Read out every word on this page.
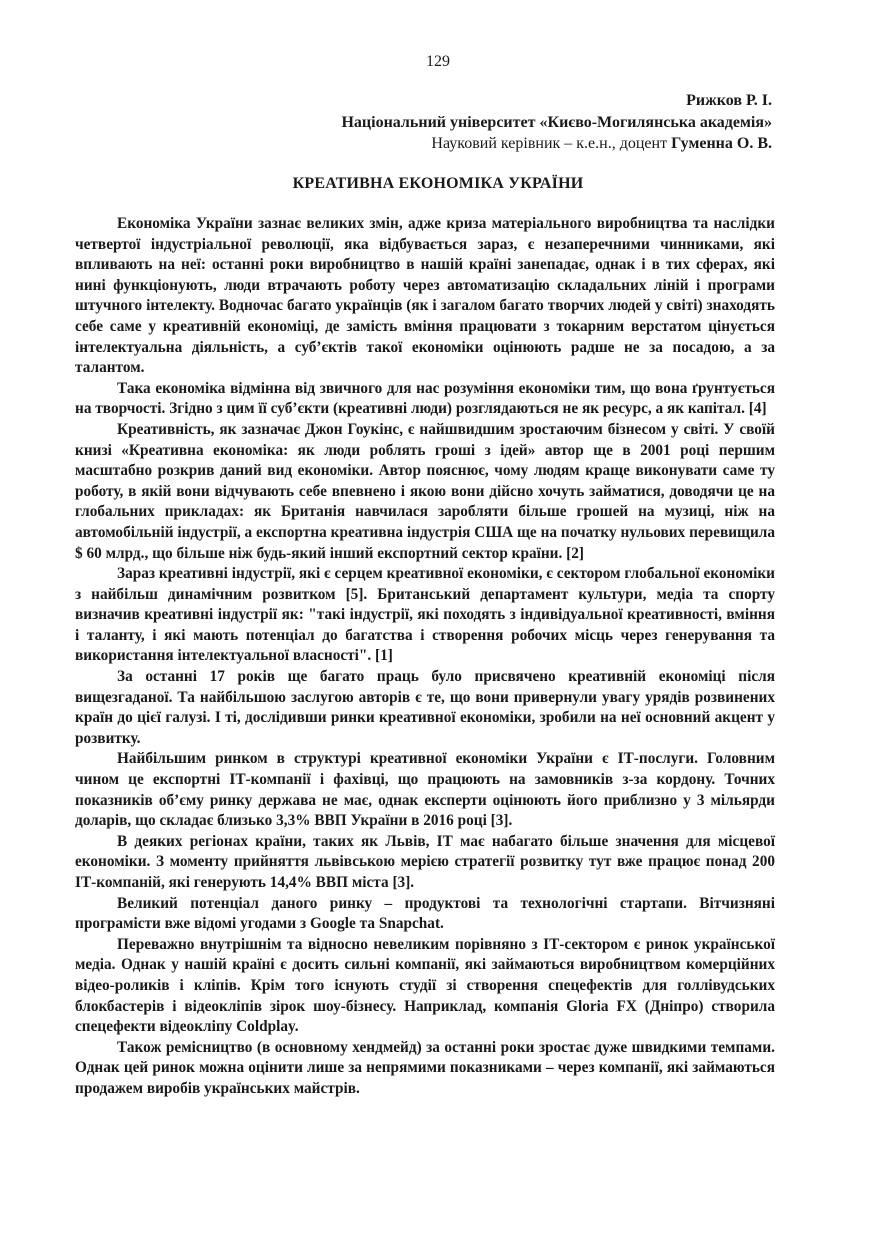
129
Рижков Р. І.
Національний університет «Києво-Могилянська академія»
Науковий керівник – к.е.н., доцент Гуменна О. В.
КРЕАТИВНА ЕКОНОМІКА УКРАЇНИ

Економіка України зазнає великих змін, адже криза матеріального виробництва та наслідки четвертої індустріальної революції, яка відбувається зараз, є незаперечними чинниками, які впливають на неї: останні роки виробництво в нашій країні занепадає, однак і в тих сферах, які нині функціонують, люди втрачають роботу через автоматизацію складальних ліній і програми штучного інтелекту. Водночас багато українців (як і загалом багато творчих людей у світі) знаходять себе саме у креативній економіці, де замість вміння працювати з токарним верстатом цінується інтелектуальна діяльність, а суб’єктів такої економіки оцінюють радше не за посадою, а за талантом.

Така економіка відмінна від звичного для нас розуміння економіки тим, що вона ґрунтується на творчості. Згідно з цим її суб’єкти (креативні люди) розглядаються не як ресурс, а як капітал. [4]

Креативність, як зазначає Джон Гоукінс, є найшвидшим зростаючим бізнесом у світі. У своїй книзі «Креативна економіка: як люди роблять гроші з ідей» автор ще в 2001 році першим масштабно розкрив даний вид економіки. Автор пояснює, чому людям краще виконувати саме ту роботу, в якій вони відчувають себе впевнено і якою вони дійсно хочуть займатися, доводячи це на глобальних прикладах: як Британія навчилася заробляти більше грошей на музиці, ніж на автомобільній індустрії, а експортна креативна індустрія США ще на початку нульових перевищила $ 60 млрд., що більше ніж будь-який інший експортний сектор країни. [2]

Зараз креативні індустрії, які є серцем креативної економіки, є сектором глобальної економіки з найбільш динамічним розвитком [5]. Британський департамент культури, медіа та спорту визначив креативні індустрії як: "такі індустрії, які походять з індивідуальної креативності, вміння і таланту, і які мають потенціал до багатства і створення робочих місць через генерування та використання інтелектуальної власності". [1]

За останні 17 років ще багато праць було присвячено креативній економіці після вищезгаданої. Та найбільшою заслугою авторів є те, що вони привернули увагу урядів розвинених країн до цієї галузі. І ті, дослідивши ринки креативної економіки, зробили на неї основний акцент у розвитку.

Найбільшим ринком в структурі креативної економіки України є ІТ-послуги. Головним чином це експортні ІТ-компанії і фахівці, що працюють на замовників з-за кордону. Точних показників об’єму ринку держава не має, однак експерти оцінюють його приблизно у 3 мільярди доларів, що складає близько 3,3% ВВП України в 2016 році [3].

В деяких регіонах країни, таких як Львів, ІТ має набагато більше значення для місцевої економіки. З моменту прийняття львівською мерією стратегії розвитку тут вже працює понад 200 ІТ-компаній, які генерують 14,4% ВВП міста [3].

Великий потенціал даного ринку – продуктові та технологічні стартапи. Вітчизняні програмісти вже відомі угодами з Google та Snapchat.

Переважно внутрішнім та відносно невеликим порівняно з ІТ-сектором є ринок української медіа. Однак у нашій країні є досить сильні компанії, які займаються виробництвом комерційних відео-роликів і кліпів. Крім того існують студії зі створення спецефектів для голлівудських блокбастерів і відеокліпів зірок шоу-бізнесу. Наприклад, компанія Gloria FX (Дніпро) створила спецефекти відеокліпу Coldplay.

Також ремісництво (в основному хендмейд) за останні роки зростає дуже швидкими темпами. Однак цей ринок можна оцінити лише за непрямими показниками – через компанії, які займаються продажем виробів українських майстрів.
